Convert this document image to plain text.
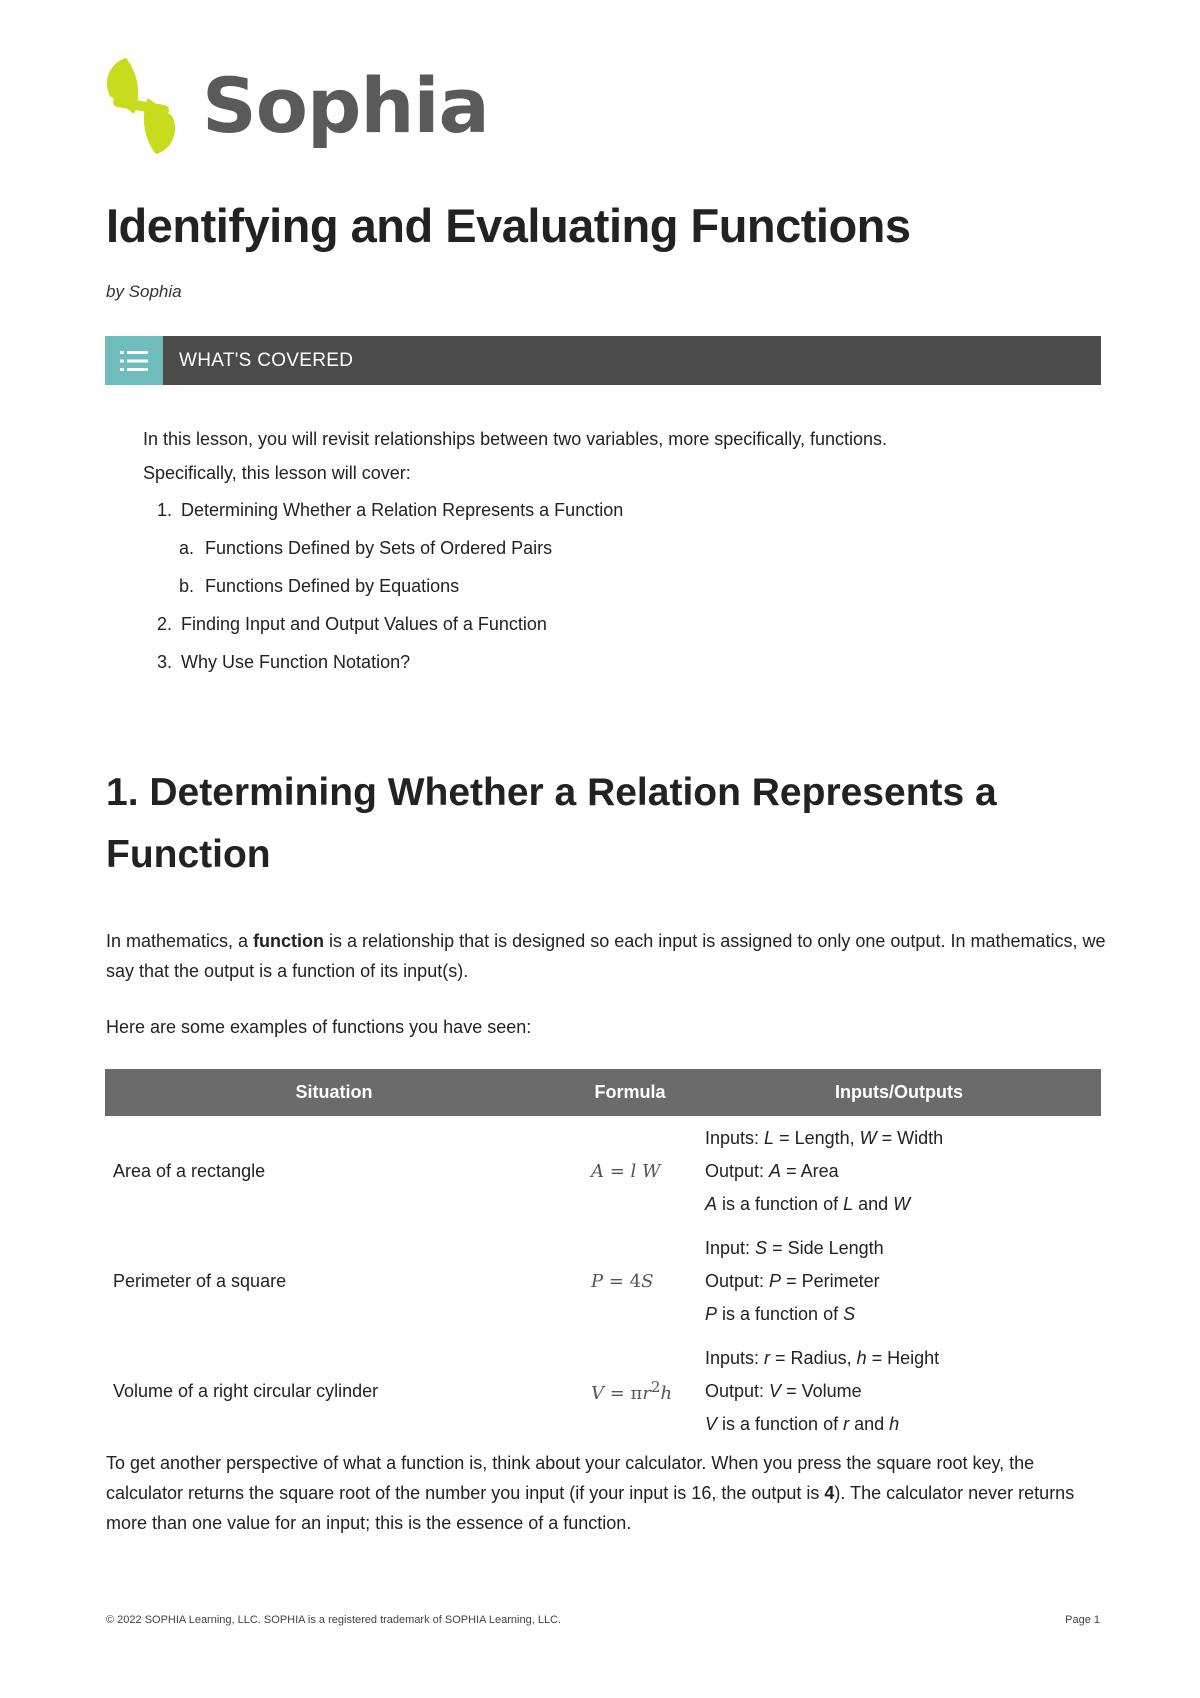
Sophia
Identifying and Evaluating Functions
by Sophia
WHAT'S COVERED
In this lesson, you will revisit relationships between two variables, more specifically, functions.
Specifically, this lesson will cover:
1. Determining Whether a Relation Represents a Function
a. Functions Defined by Sets of Ordered Pairs
b. Functions Defined by Equations
2. Finding Input and Output Values of a Function
3. Why Use Function Notation?
1. Determining Whether a Relation Represents a Function

In mathematics, a function is a relationship that is designed so each input is assigned to only one output. In mathematics, we say that the output is a function of its input(s).

Here are some examples of functions you have seen:

Situation	Formula	Inputs/Outputs
Area of a rectangle	A = l W
Inputs: L = Length, W = Width
Output: A = Area
A is a function of L and W
Perimeter of a square	P = 4S
Input: S = Side Length
Output: P = Perimeter
P is a function of S
Volume of a right circular cylinder	$V = \pi r^2h$
Inputs: r = Radius, h = Height
Output: V = Volume
V is a function of r and h

To get another perspective of what a function is, think about your calculator. When you press the square root key, the calculator returns the square root of the number you input (if your input is 16, the output is 4). The calculator never returns more than one value for an input; this is the essence of a function.

© 2022 SOPHIA Learning, LLC. SOPHIA is a registered trademark of SOPHIA Learning, LLC.	Page 1
